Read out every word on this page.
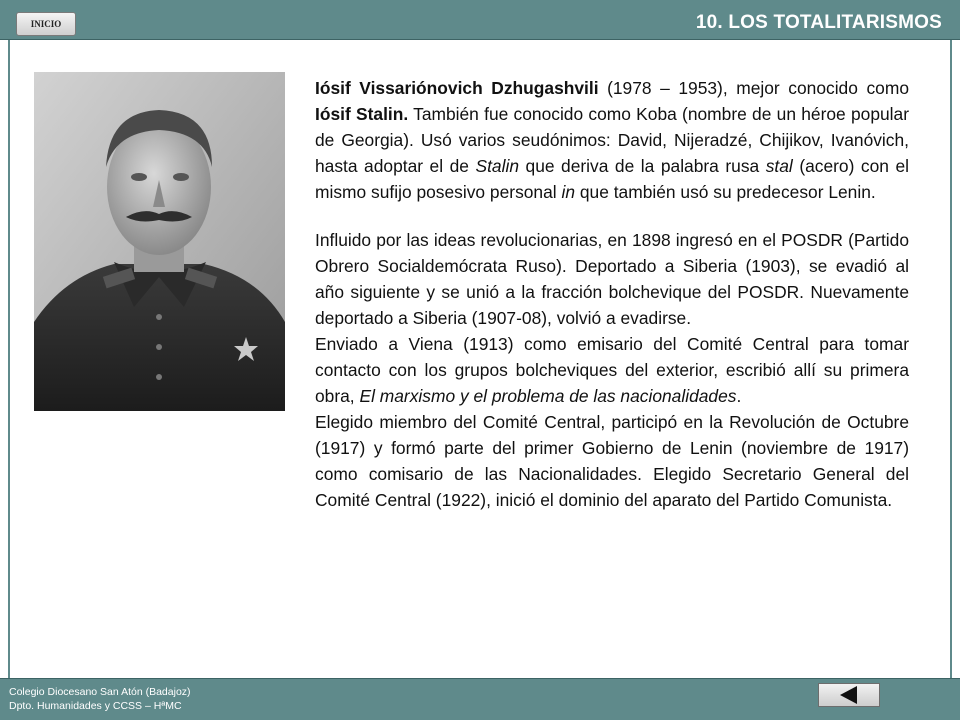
INICIO	10. LOS TOTALITARISMOS

Iósif Vissariónovich Dzhugashvili (1978 – 1953), mejor conocido como Iósif Stalin. También fue conocido como Koba (nombre de un héroe popular de Georgia). Usó varios seudónimos: David, Nijeradzé, Chijikov, Ivanóvich, hasta adoptar el de Stalin que deriva de la palabra rusa stal (acero) con el mismo sufijo posesivo personal in que también usó su predecesor Lenin.

Influido por las ideas revolucionarias, en 1898 ingresó en el POSDR (Partido Obrero Socialdemócrata Ruso). Deportado a Siberia (1903), se evadió al año siguiente y se unió a la fracción bolchevique del POSDR. Nuevamente deportado a Siberia (1907-08), volvió a evadirse.

Enviado a Viena (1913) como emisario del Comité Central para tomar contacto con los grupos bolcheviques del exterior, escribió allí su primera obra, El marxismo y el problema de las nacionalidades.

Elegido miembro del Comité Central, participó en la Revolución de Octubre (1917) y formó parte del primer Gobierno de Lenin (noviembre de 1917) como comisario de las Nacionalidades. Elegido Secretario General del Comité Central (1922), inició el dominio del aparato del Partido Comunista.

Colegio Diocesano San Atón (Badajoz)
Dpto. Humanidades y CCSS – HªMC
